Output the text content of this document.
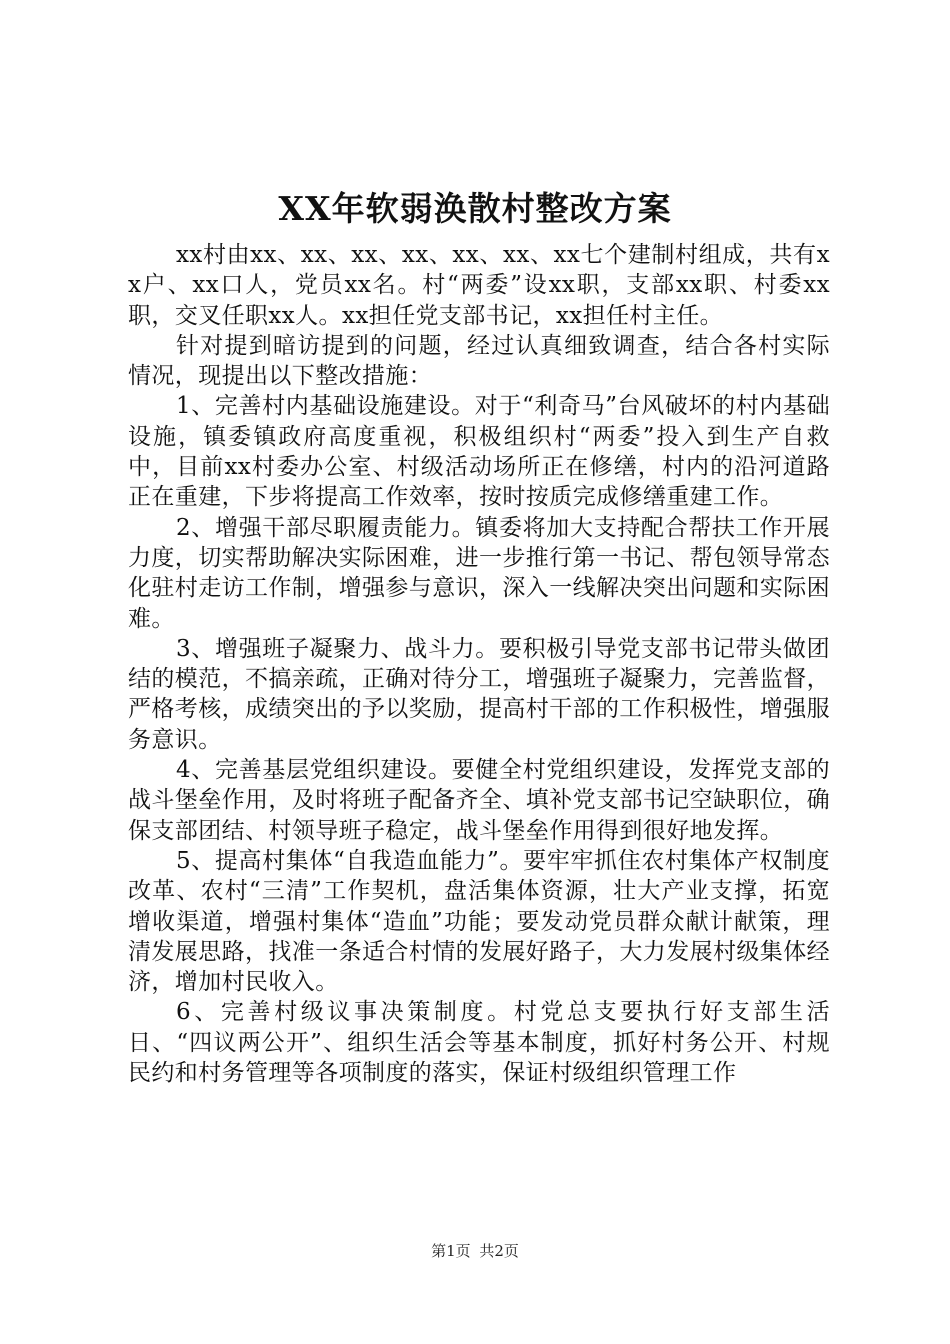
XX年软弱涣散村整改方案

xx村由xx、xx、xx、xx、xx、xx、xx七个建制村组成，共有xx户、xx口人，党员xx名。村“两委”设xx职，支部xx职、村委xx职，交叉任职xx人。xx担任党支部书记，xx担任村主任。

针对提到暗访提到的问题，经过认真细致调查，结合各村实际情况，现提出以下整改措施：

1、完善村内基础设施建设。对于“利奇马”台风破坏的村内基础设施，镇委镇政府高度重视，积极组织村“两委”投入到生产自救中，目前xx村委办公室、村级活动场所正在修缮，村内的沿河道路正在重建，下步将提高工作效率，按时按质完成修缮重建工作。

2、增强干部尽职履责能力。镇委将加大支持配合帮扶工作开展力度，切实帮助解决实际困难，进一步推行第一书记、帮包领导常态化驻村走访工作制，增强参与意识，深入一线解决突出问题和实际困难。

3、增强班子凝聚力、战斗力。要积极引导党支部书记带头做团结的模范，不搞亲疏，正确对待分工，增强班子凝聚力，完善监督，严格考核，成绩突出的予以奖励，提高村干部的工作积极性，增强服务意识。

4、完善基层党组织建设。要健全村党组织建设，发挥党支部的战斗堡垒作用，及时将班子配备齐全、填补党支部书记空缺职位，确保支部团结、村领导班子稳定，战斗堡垒作用得到很好地发挥。

5、提高村集体“自我造血能力”。要牢牢抓住农村集体产权制度改革、农村“三清”工作契机，盘活集体资源，壮大产业支撑，拓宽增收渠道，增强村集体“造血”功能；要发动党员群众献计献策，理清发展思路，找准一条适合村情的发展好路子，大力发展村级集体经济，增加村民收入。

6、完善村级议事决策制度。村党总支要执行好支部生活日、“四议两公开”、组织生活会等基本制度，抓好村务公开、村规民约和村务管理等各项制度的落实，保证村级组织管理工作

第1页 共2页
